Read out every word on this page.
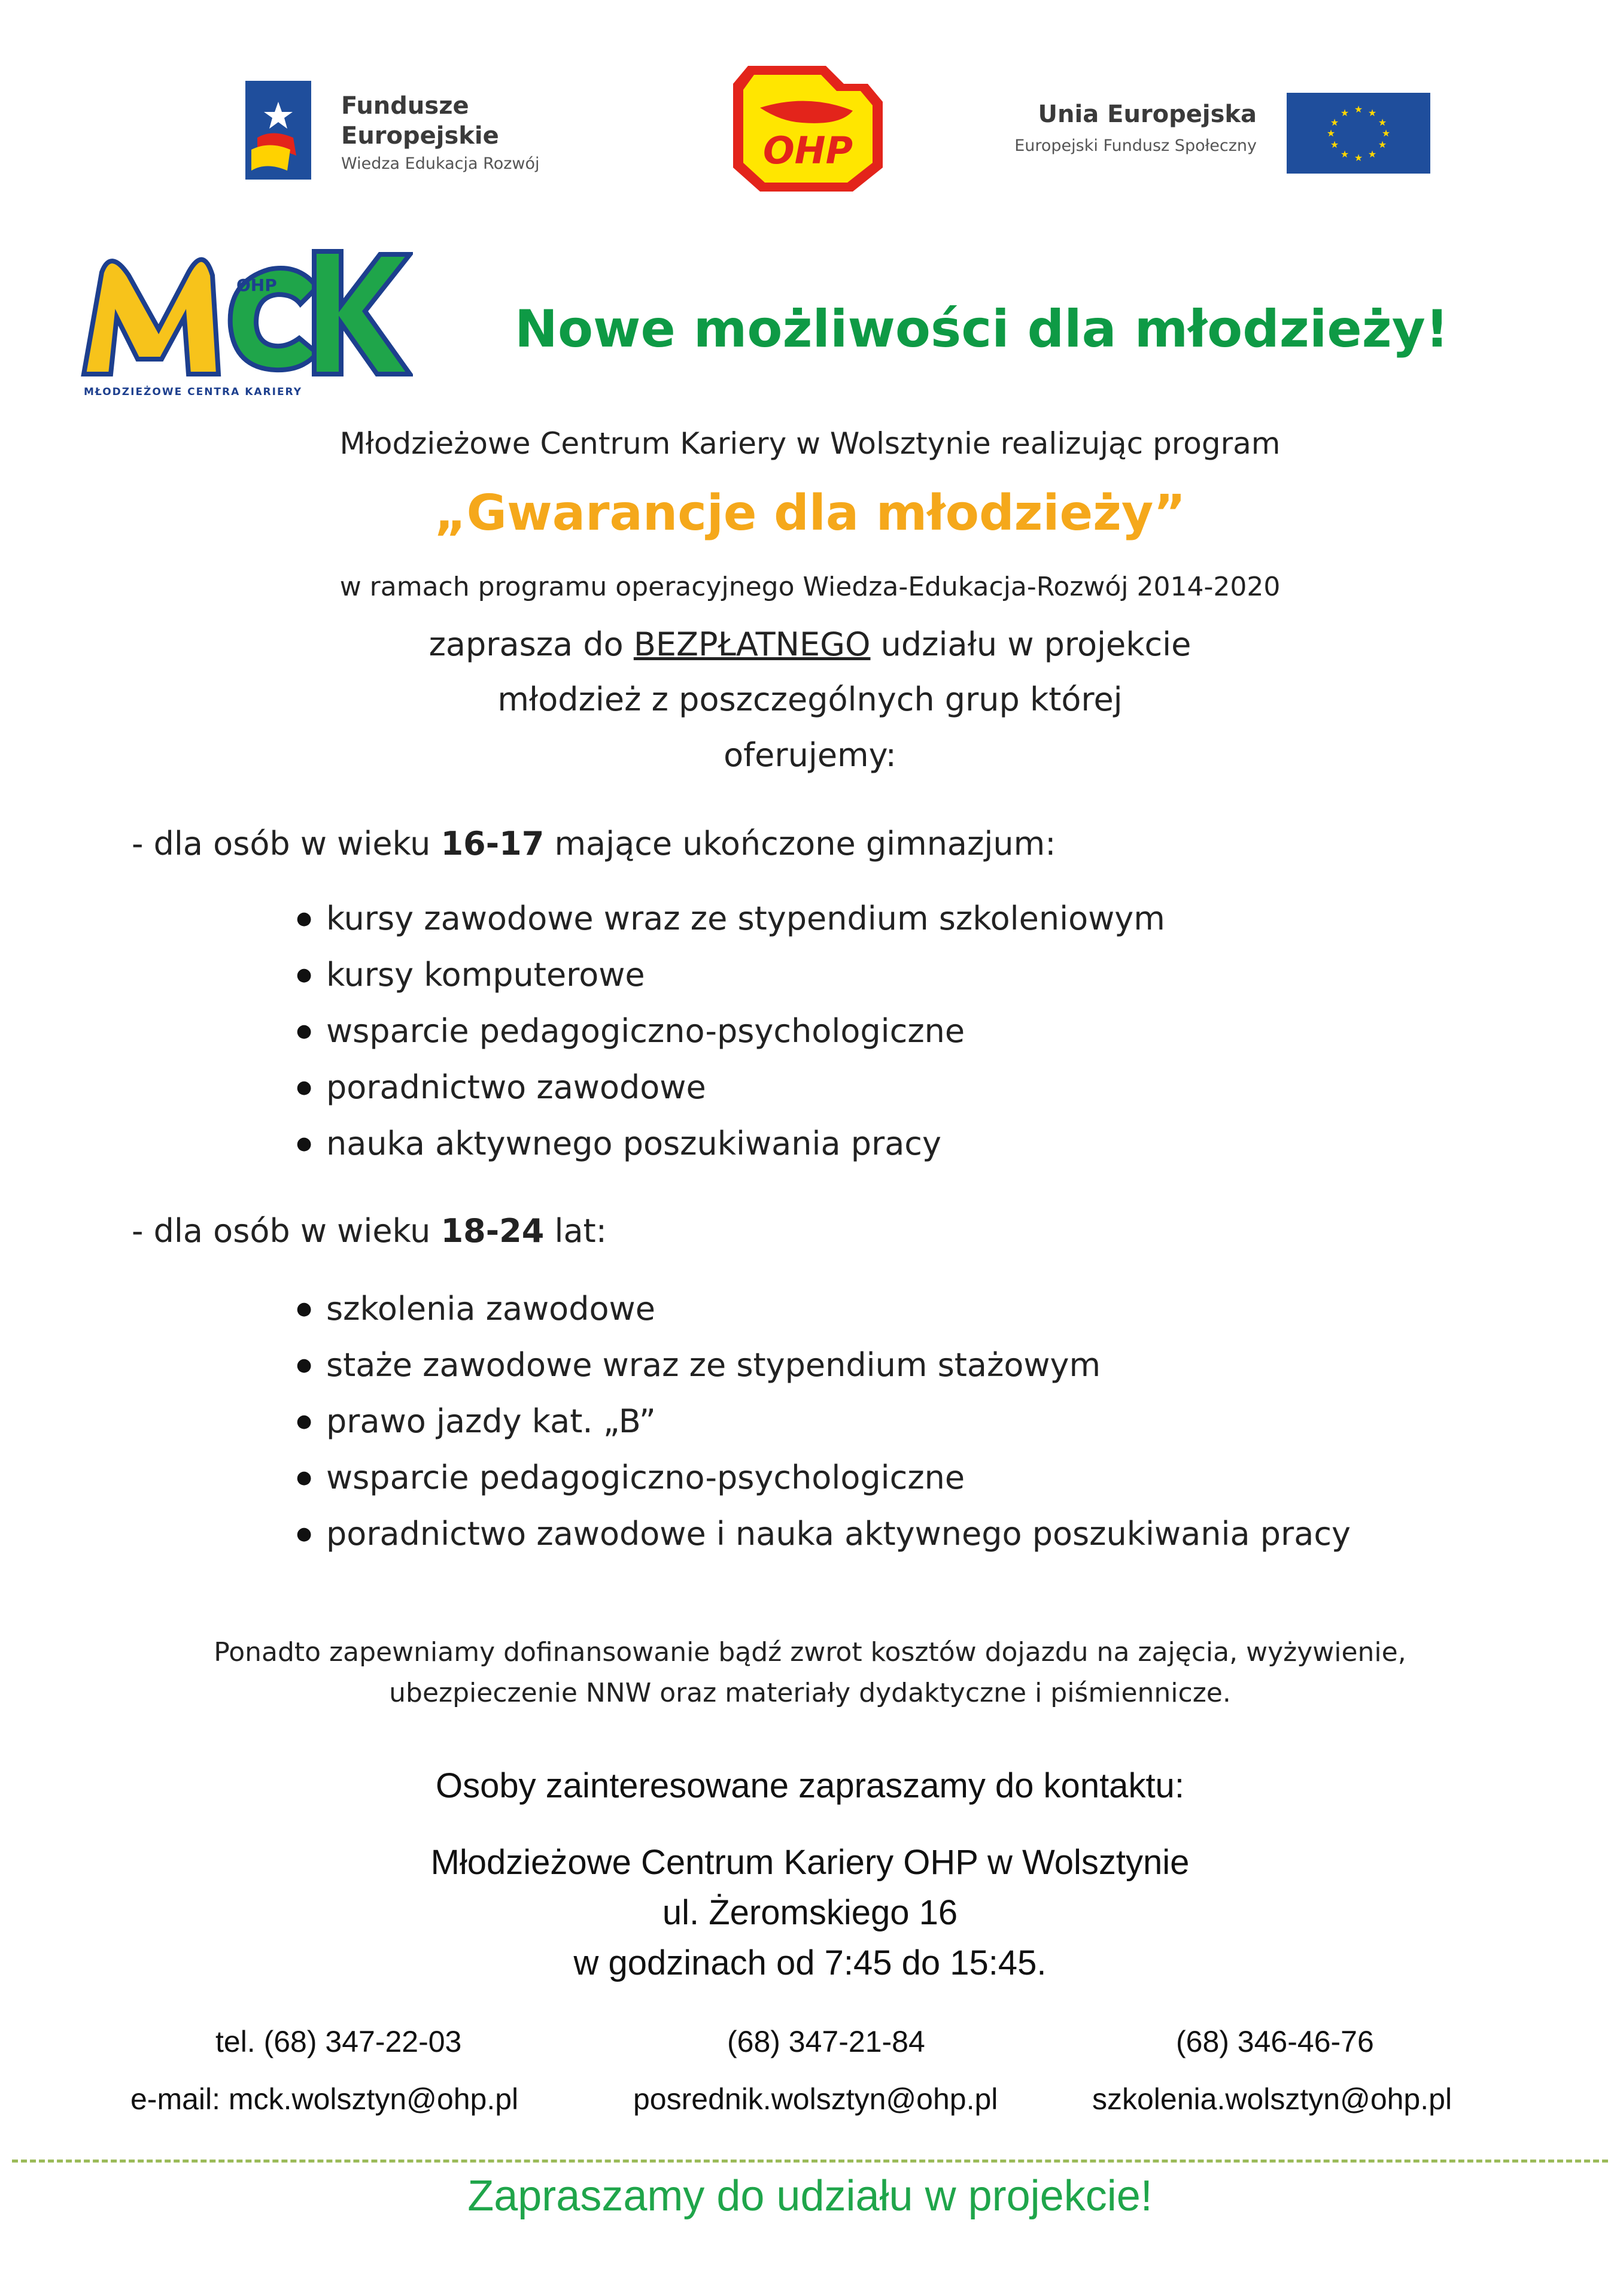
Fundusze
Europejskie
Wiedza Edukacja Rozwój	OHP
Unia Europejska
Europejski Fundusz Społeczny
★ ★
★
★
★
★
★
★
★
★
★
★
OHP
MŁODZIEŻOWE CENTRA KARIERY
Nowe możliwości dla młodzieży!
Młodzieżowe Centrum Kariery w Wolsztynie realizując program
„Gwarancje dla młodzieży”
w ramach programu operacyjnego Wiedza-Edukacja-Rozwój 2014-2020
zaprasza do BEZPŁATNEGO udziału w projekcie
młodzież z poszczególnych grup której
oferujemy:
- dla osób w wieku 16-17 mające ukończone gimnazjum:
● kursy zawodowe wraz ze stypendium szkoleniowym
● kursy komputerowe
● wsparcie pedagogiczno-psychologiczne
● poradnictwo zawodowe
● nauka aktywnego poszukiwania pracy
- dla osób w wieku 18-24 lat:
● szkolenia zawodowe
● staże zawodowe wraz ze stypendium stażowym
● prawo jazdy kat. „B”
● wsparcie pedagogiczno-psychologiczne
● poradnictwo zawodowe i nauka aktywnego poszukiwania pracy
Ponadto zapewniamy dofinansowanie bądź zwrot kosztów dojazdu na zajęcia, wyżywienie,
ubezpieczenie NNW oraz materiały dydaktyczne i piśmiennicze.
Osoby zainteresowane zapraszamy do kontaktu:
Młodzieżowe Centrum Kariery OHP w Wolsztynie
ul. Żeromskiego 16
w godzinach od 7:45 do 15:45.
tel. (68) 347-22-03	(68) 347-21-84	(68) 346-46-76
e-mail: mck.wolsztyn@ohp.pl	posrednik.wolsztyn@ohp.pl	szkolenia.wolsztyn@ohp.pl
Zapraszamy do udziału w projekcie!
